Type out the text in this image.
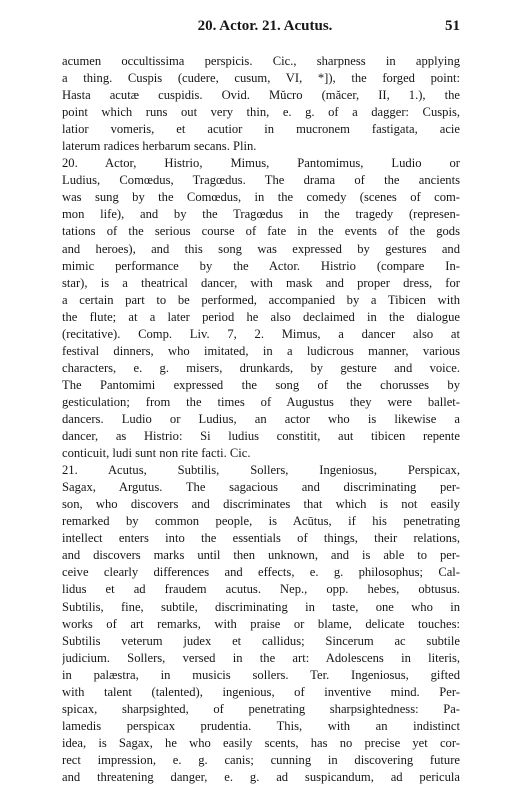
20. Actor. 21. Acutus.	51
acumen occultissima perspicis. Cic., sharpness in applying
a thing. Cuspis (cudere, cusum, VI, *]), the forged point:
Hasta acutæ cuspidis. Ovid. Mŭcro (măcer, II, 1.), the
point which runs out very thin, e. g. of a dagger: Cuspis,
latior vomeris, et acutior in mucronem fastigata, acie
laterum radices herbarum secans. Plin.
20. Actor, Histrio, Mimus, Pantomimus, Ludio or
Ludius, Comœdus, Tragœdus. The drama of the ancients
was sung by the Comœdus, in the comedy (scenes of com-
mon life), and by the Tragœdus in the tragedy (represen-
tations of the serious course of fate in the events of the gods
and heroes), and this song was expressed by gestures and
mimic performance by the Actor. Histrio (compare In-
star), is a theatrical dancer, with mask and proper dress, for
a certain part to be performed, accompanied by a Tibicen with
the flute; at a later period he also declaimed in the dialogue
(recitative). Comp. Liv. 7, 2. Mimus, a dancer also at
festival dinners, who imitated, in a ludicrous manner, various
characters, e. g. misers, drunkards, by gesture and voice.
The Pantomimi expressed the song of the chorusses by
gesticulation; from the times of Augustus they were ballet-
dancers. Ludio or Ludius, an actor who is likewise a
dancer, as Histrio: Si ludius constitit, aut tibicen repente
conticuit, ludi sunt non rite facti. Cic.
21. Acutus, Subtilis, Sollers, Ingeniosus, Perspicax,
Sagax, Argutus. The sagacious and discriminating per-
son, who discovers and discriminates that which is not easily
remarked by common people, is Acūtus, if his penetrating
intellect enters into the essentials of things, their relations,
and discovers marks until then unknown, and is able to per-
ceive clearly differences and effects, e. g. philosophus; Cal-
lidus et ad fraudem acutus. Nep., opp. hebes, obtusus.
Subtilis, fine, subtile, discriminating in taste, one who in
works of art remarks, with praise or blame, delicate touches:
Subtilis veterum judex et callidus; Sincerum ac subtile
judicium. Sollers, versed in the art: Adolescens in literis,
in palæstra, in musicis sollers. Ter. Ingeniosus, gifted
with talent (talented), ingenious, of inventive mind. Per-
spicax, sharpsighted, of penetrating sharpsightedness: Pa-
lamedis perspicax prudentia. This, with an indistinct
idea, is Sagax, he who easily scents, has no precise yet cor-
rect impression, e. g. canis; cunning in discovering future
and threatening danger, e. g. ad suspicandum, ad pericula
